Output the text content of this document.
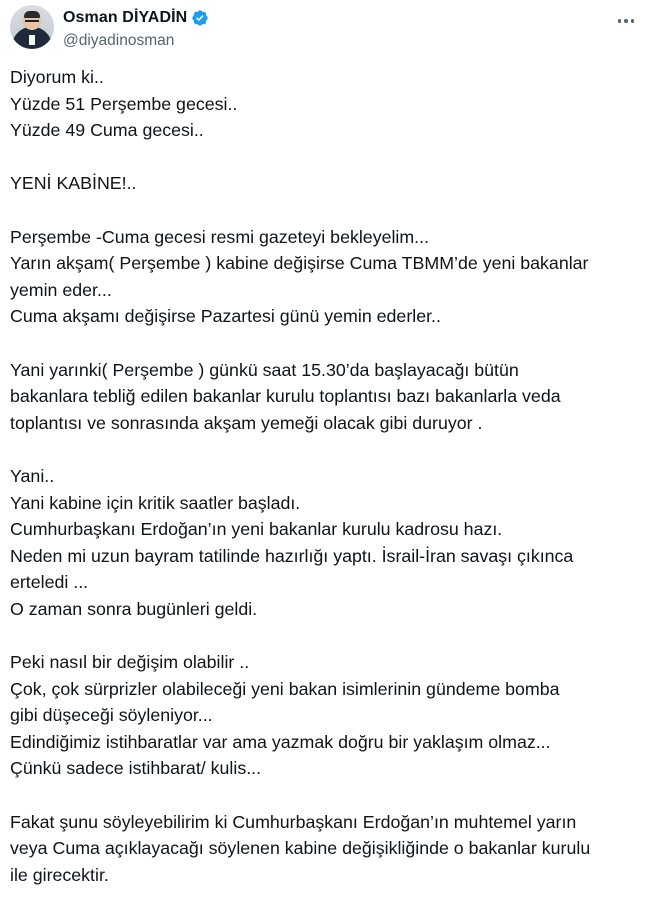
Osman DİYADİN
@diyadinosman
Diyorum ki..
Yüzde 51 Perşembe gecesi..
Yüzde 49 Cuma gecesi..
YENİ KABİNE!..
Perşembe -Cuma gecesi resmi gazeteyi bekleyelim...
Yarın akşam( Perşembe ) kabine değişirse Cuma TBMM’de yeni bakanlar
yemin eder...
Cuma akşamı değişirse Pazartesi günü yemin ederler..
Yani yarınki( Perşembe ) günkü saat 15.30’da başlayacağı bütün
bakanlara tebliğ edilen bakanlar kurulu toplantısı bazı bakanlarla veda
toplantısı ve sonrasında akşam yemeği olacak gibi duruyor .
Yani..
Yani kabine için kritik saatler başladı.
Cumhurbaşkanı Erdoğan’ın yeni bakanlar kurulu kadrosu hazı.
Neden mi uzun bayram tatilinde hazırlığı yaptı. İsrail-İran savaşı çıkınca
erteledi ...
O zaman sonra bugünleri geldi.
Peki nasıl bir değişim olabilir ..
Çok, çok sürprizler olabileceği yeni bakan isimlerinin gündeme bomba
gibi düşeceği söyleniyor...
Edindiğimiz istihbaratlar var ama yazmak doğru bir yaklaşım olmaz...
Çünkü sadece istihbarat/ kulis...
Fakat şunu söyleyebilirim ki Cumhurbaşkanı Erdoğan’ın muhtemel yarın
veya Cuma açıklayacağı söylenen kabine değişikliğinde o bakanlar kurulu
ile girecektir.
